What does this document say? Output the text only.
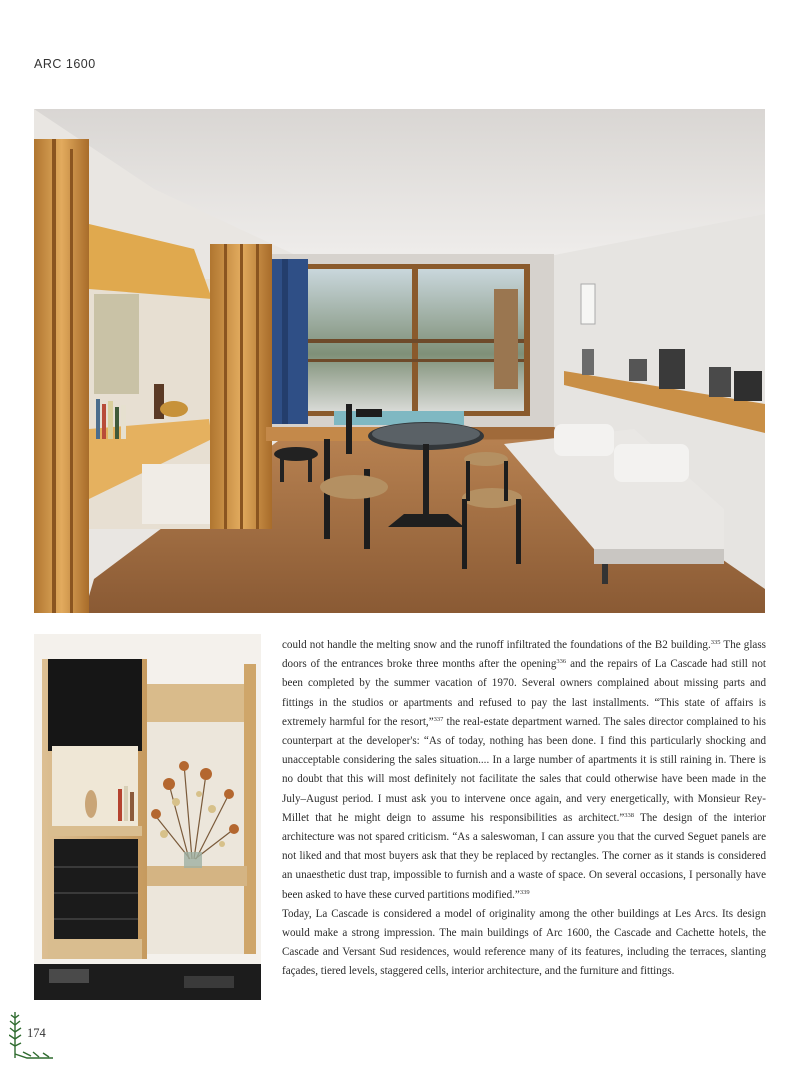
ARC 1600

could not handle the melting snow and the runoff infiltrated the foundations of the B2 building.$^{335}$ The glass doors of the entrances broke three months after the opening$^{336}$ and the repairs of La Cascade had still not been completed by the summer vacation of 1970. Several owners complained about missing parts and fittings in the studios or apartments and refused to pay the last installments. “This state of affairs is extremely harmful for the resort,”$^{337}$ the real-estate department warned. The sales director complained to his counterpart at the developer's: “As of today, nothing has been done. I find this particularly shocking and unacceptable considering the sales situation.... In a large number of apartments it is still raining in. There is no doubt that this will most definitely not facilitate the sales that could otherwise have been made in the July–August period. I must ask you to intervene once again, and very energetically, with Monsieur Rey-Millet that he might deign to assume his responsibilities as architect.”$^{338}$ The design of the interior architecture was not spared criticism. “As a saleswoman, I can assure you that the curved Seguet panels are not liked and that most buyers ask that they be replaced by rectangles. The corner as it stands is considered an unaesthetic dust trap, impossible to furnish and a waste of space. On several occasions, I personally have been asked to have these curved partitions modified.”$^{339}$

Today, La Cascade is considered a model of originality among the other buildings at Les Arcs. Its design would make a strong impression. The main buildings of Arc 1600, the Cascade and Cachette hotels, the Cascade and Versant Sud residences, would reference many of its features, including the terraces, slanting façades, tiered levels, staggered cells, interior architecture, and the furniture and fittings.

174
